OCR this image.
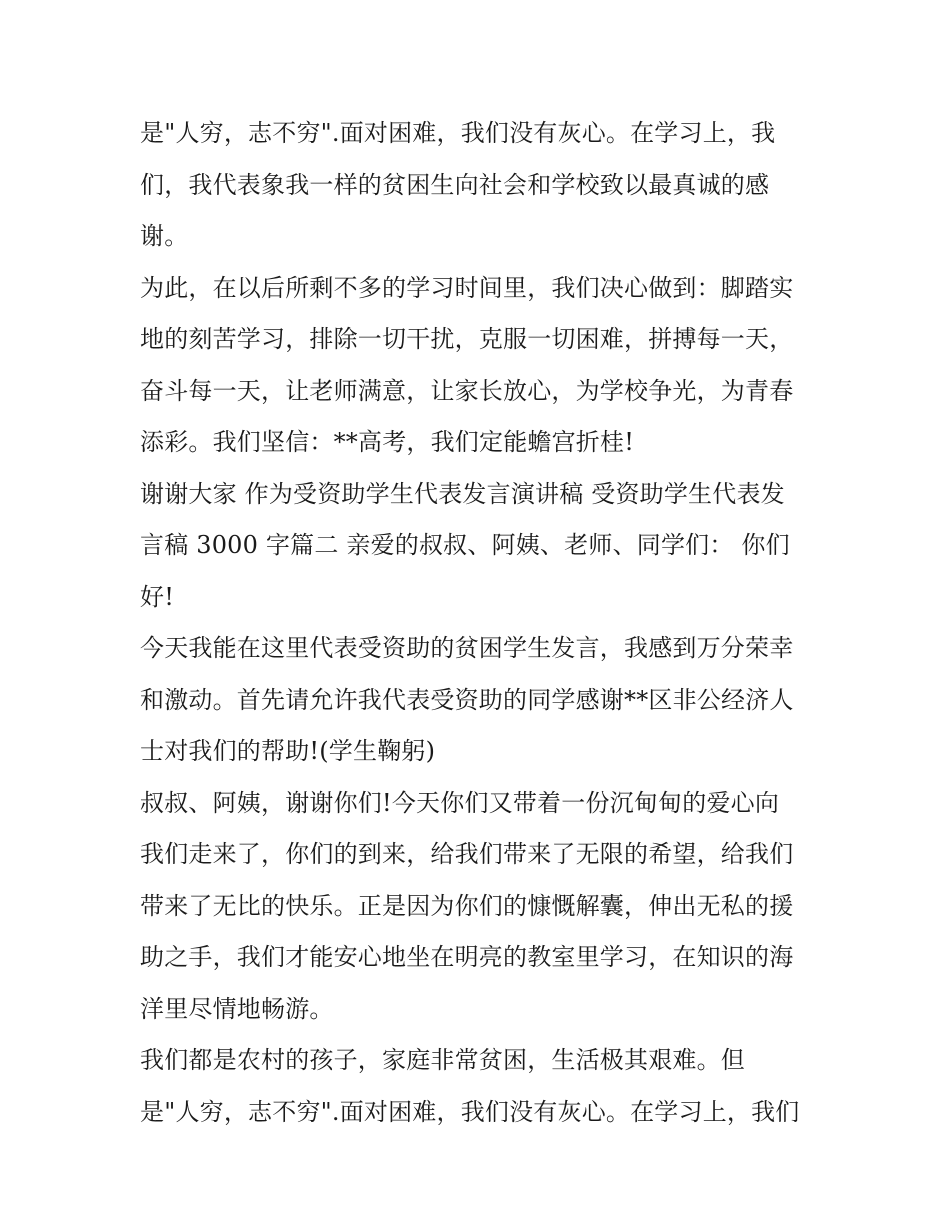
是"人穷，志不穷".面对困难，我们没有灰心。在学习上，我
们，我代表象我一样的贫困生向社会和学校致以最真诚的感
谢。
为此，在以后所剩不多的学习时间里，我们决心做到：脚踏实
地的刻苦学习，排除一切干扰，克服一切困难，拼搏每一天，
奋斗每一天，让老师满意，让家长放心，为学校争光，为青春
添彩。我们坚信：**高考，我们定能蟾宫折桂!
谢谢大家 作为受资助学生代表发言演讲稿 受资助学生代表发
言稿 3000 字篇二 亲爱的叔叔、阿姨、老师、同学们： 你们
好!
今天我能在这里代表受资助的贫困学生发言，我感到万分荣幸
和激动。首先请允许我代表受资助的同学感谢**区非公经济人
士对我们的帮助!(学生鞠躬)
叔叔、阿姨，谢谢你们!今天你们又带着一份沉甸甸的爱心向
我们走来了，你们的到来，给我们带来了无限的希望，给我们
带来了无比的快乐。正是因为你们的慷慨解囊，伸出无私的援
助之手，我们才能安心地坐在明亮的教室里学习，在知识的海
洋里尽情地畅游。
我们都是农村的孩子，家庭非常贫困，生活极其艰难。但
是"人穷，志不穷".面对困难，我们没有灰心。在学习上，我们
